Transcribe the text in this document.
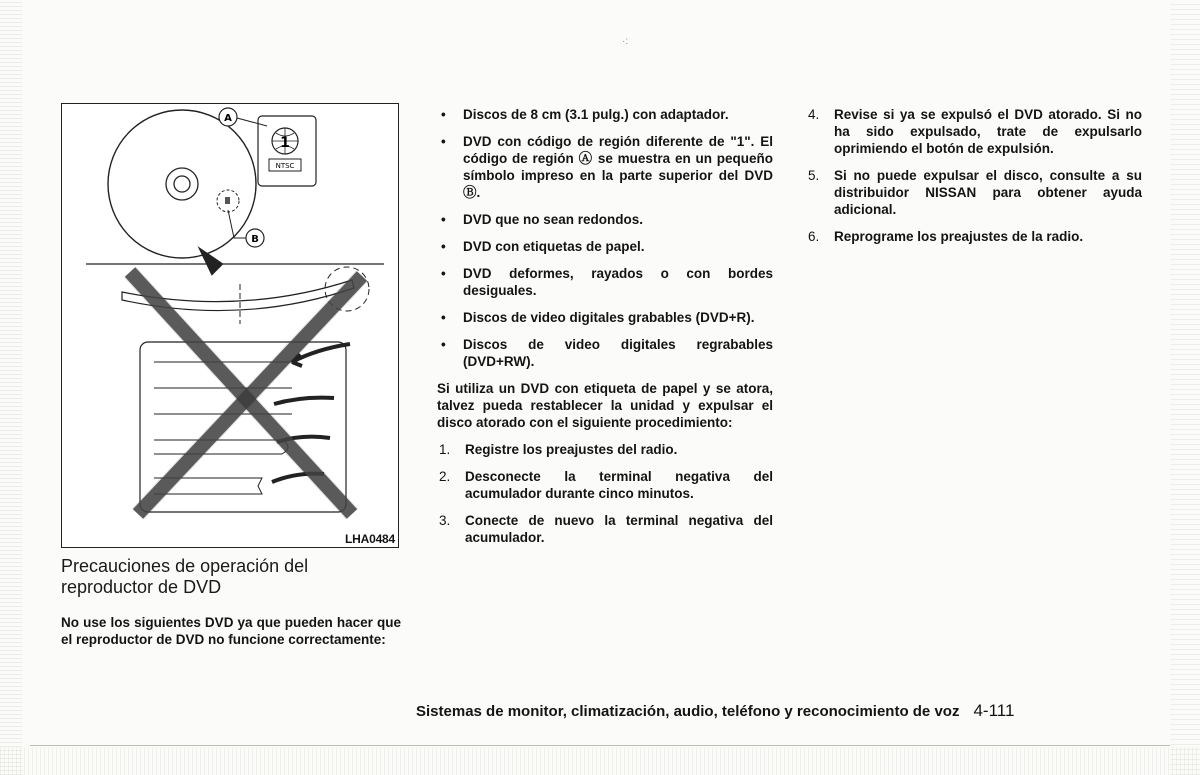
·:
1
NTSC
A
B
LHA0484
Precauciones de operación del reproductor de DVD
No use los siguientes DVD ya que pueden hacer que el reproductor de DVD no funcione correctamente:
• Discos de 8 cm (3.1 pulg.) con adaptador.
• DVD con código de región diferente de "1". El código de región Ⓐ se muestra en un pequeño símbolo impreso en la parte superior del DVD Ⓑ.
• DVD que no sean redondos.
• DVD con etiquetas de papel.
• DVD deformes, rayados o con bordes desiguales.
• Discos de video digitales grabables (DVD+R).
• Discos de video digitales regrabables (DVD+RW).
Si utiliza un DVD con etiqueta de papel y se atora, talvez pueda restablecer la unidad y expulsar el disco atorado con el siguiente procedimiento:
1. Registre los preajustes del radio.
2. Desconecte la terminal negativa del acumulador durante cinco minutos.
3. Conecte de nuevo la terminal negativa del acumulador.
4. Revise si ya se expulsó el DVD atorado. Si no ha sido expulsado, trate de expulsarlo oprimiendo el botón de expulsión.
5. Si no puede expulsar el disco, consulte a su distribuidor NISSAN para obtener ayuda adicional.
6. Reprograme los preajustes de la radio.
Sistemas de monitor, climatización, audio, teléfono y reconocimiento de voz 4-111
